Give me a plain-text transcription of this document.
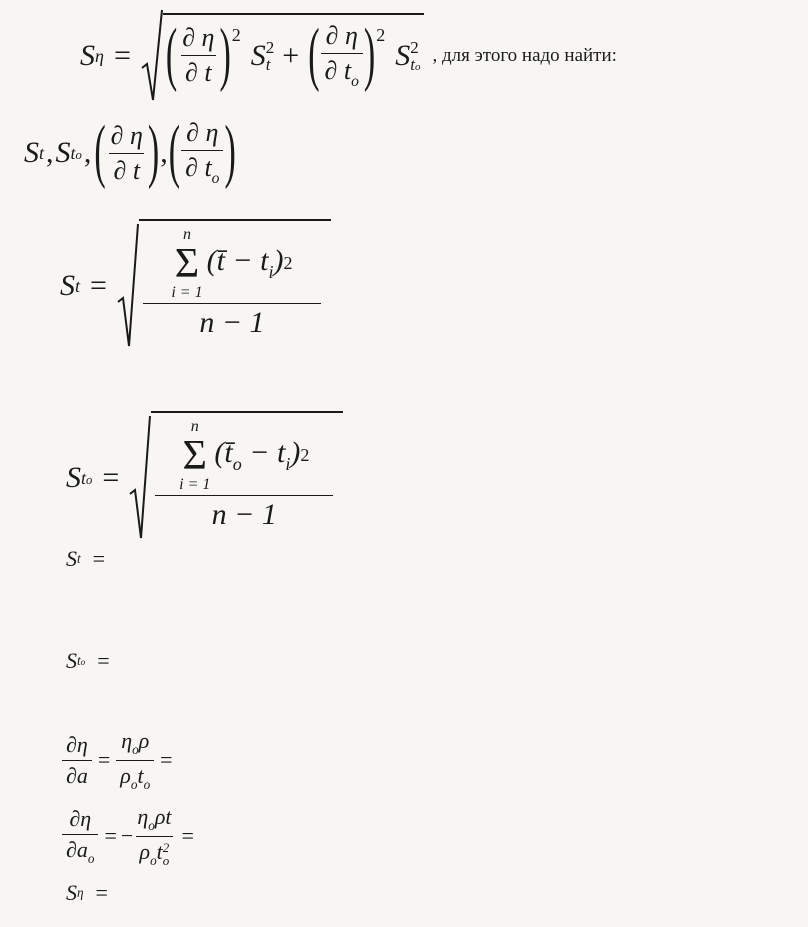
S η = ( $\frac{\partial \eta}{\partial t}$ ) 2
S 2
t + ( $\frac{\partial \eta}{\partial t_o}$ ) 2
S 2
to
, для этого надо найти:
S t , S to , ( $\frac{\partial \eta}{\partial t}$ ) , ( $\frac{\partial \eta}{\partial t_o}$ )
S t =
n
Σ
i = 1
(t̄ − $t_i$) 2
n − 1
S to =
n
Σ
i = 1
$(t̄_o - t_i)$ 2
n − 1
S t =
S to =
$\frac{\partial\eta}{\partial a} = \frac{\eta_o\rho}{\rho_ot_o}$ =
$\frac{\partial\eta}{\partial a_o}$ = − $\eta_o\rho t$
$\rho_ot$ 2
o =
S η =
